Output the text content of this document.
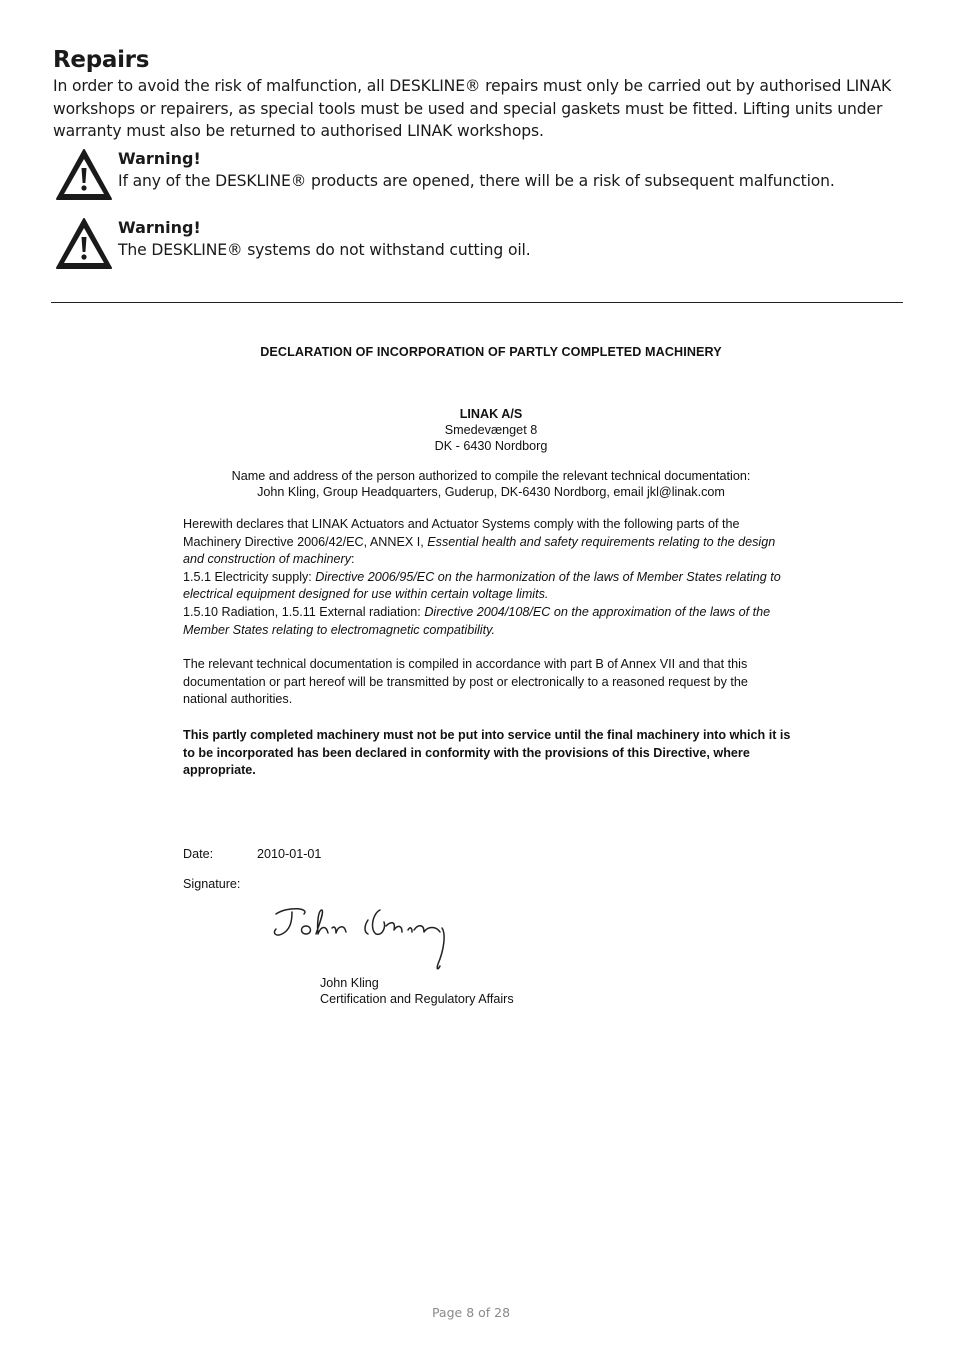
Repairs

In order to avoid the risk of malfunction, all DESKLINE® repairs must only be carried out by authorised LINAK workshops or repairers, as special tools must be used and special gaskets must be fitted. Lifting units under warranty must also be returned to authorised LINAK workshops.

Warning!
If any of the DESKLINE® products are opened, there will be a risk of subsequent malfunction.
Warning!
The DESKLINE® systems do not withstand cutting oil.
DECLARATION OF INCORPORATION OF PARTLY COMPLETED MACHINERY
LINAK A/S
Smedevænget 8
DK - 6430 Nordborg
Name and address of the person authorized to compile the relevant technical documentation:
John Kling, Group Headquarters, Guderup, DK-6430 Nordborg, email jkl@linak.com

Herewith declares that LINAK Actuators and Actuator Systems comply with the following parts of the Machinery Directive 2006/42/EC, ANNEX I, Essential health and safety requirements relating to the design and construction of machinery:
1.5.1 Electricity supply: Directive 2006/95/EC on the harmonization of the laws of Member States relating to electrical equipment designed for use within certain voltage limits.
1.5.10 Radiation, 1.5.11 External radiation: Directive 2004/108/EC on the approximation of the laws of the Member States relating to electromagnetic compatibility.

The relevant technical documentation is compiled in accordance with part B of Annex VII and that this documentation or part hereof will be transmitted by post or electronically to a reasoned request by the national authorities.

This partly completed machinery must not be put into service until the final machinery into which it is to be incorporated has been declared in conformity with the provisions of this Directive, where appropriate.

Date:	2010-01-01
Signature:
John Kling
Certification and Regulatory Affairs
Page 8 of 28
